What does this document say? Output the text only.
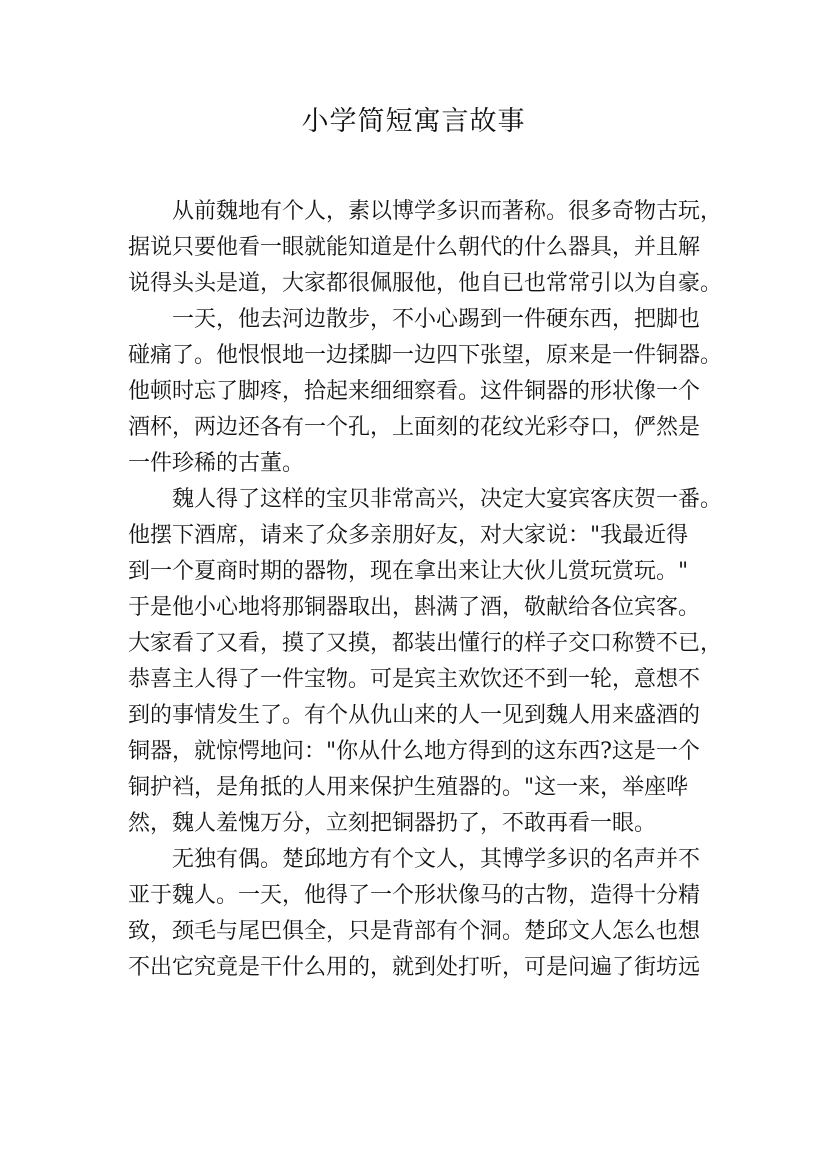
小学简短寓言故事
从前魏地有个人，素以博学多识而著称。很多奇物古玩，
据说只要他看一眼就能知道是什么朝代的什么器具，并且解
说得头头是道，大家都很佩服他，他自已也常常引以为自豪。
一天，他去河边散步，不小心踢到一件硬东西，把脚也
碰痛了。他恨恨地一边揉脚一边四下张望，原来是一件铜器。
他顿时忘了脚疼，拾起来细细察看。这件铜器的形状像一个
酒杯，两边还各有一个孔，上面刻的花纹光彩夺口，俨然是
一件珍稀的古董。
魏人得了这样的宝贝非常高兴，决定大宴宾客庆贺一番。
他摆下酒席，请来了众多亲朋好友，对大家说："我最近得
到一个夏商时期的器物，现在拿出来让大伙儿赏玩赏玩。"
于是他小心地将那铜器取出，斟满了酒，敬献给各位宾客。
大家看了又看，摸了又摸，都装出懂行的样子交口称赞不已，
恭喜主人得了一件宝物。可是宾主欢饮还不到一轮，意想不
到的事情发生了。有个从仇山来的人一见到魏人用来盛酒的
铜器，就惊愕地问："你从什么地方得到的这东西?这是一个
铜护裆，是角抵的人用来保护生殖器的。"这一来，举座哗
然，魏人羞愧万分，立刻把铜器扔了，不敢再看一眼。
无独有偶。楚邱地方有个文人，其博学多识的名声并不
亚于魏人。一天，他得了一个形状像马的古物，造得十分精
致，颈毛与尾巴俱全，只是背部有个洞。楚邱文人怎么也想
不出它究竟是干什么用的，就到处打听，可是问遍了街坊远
